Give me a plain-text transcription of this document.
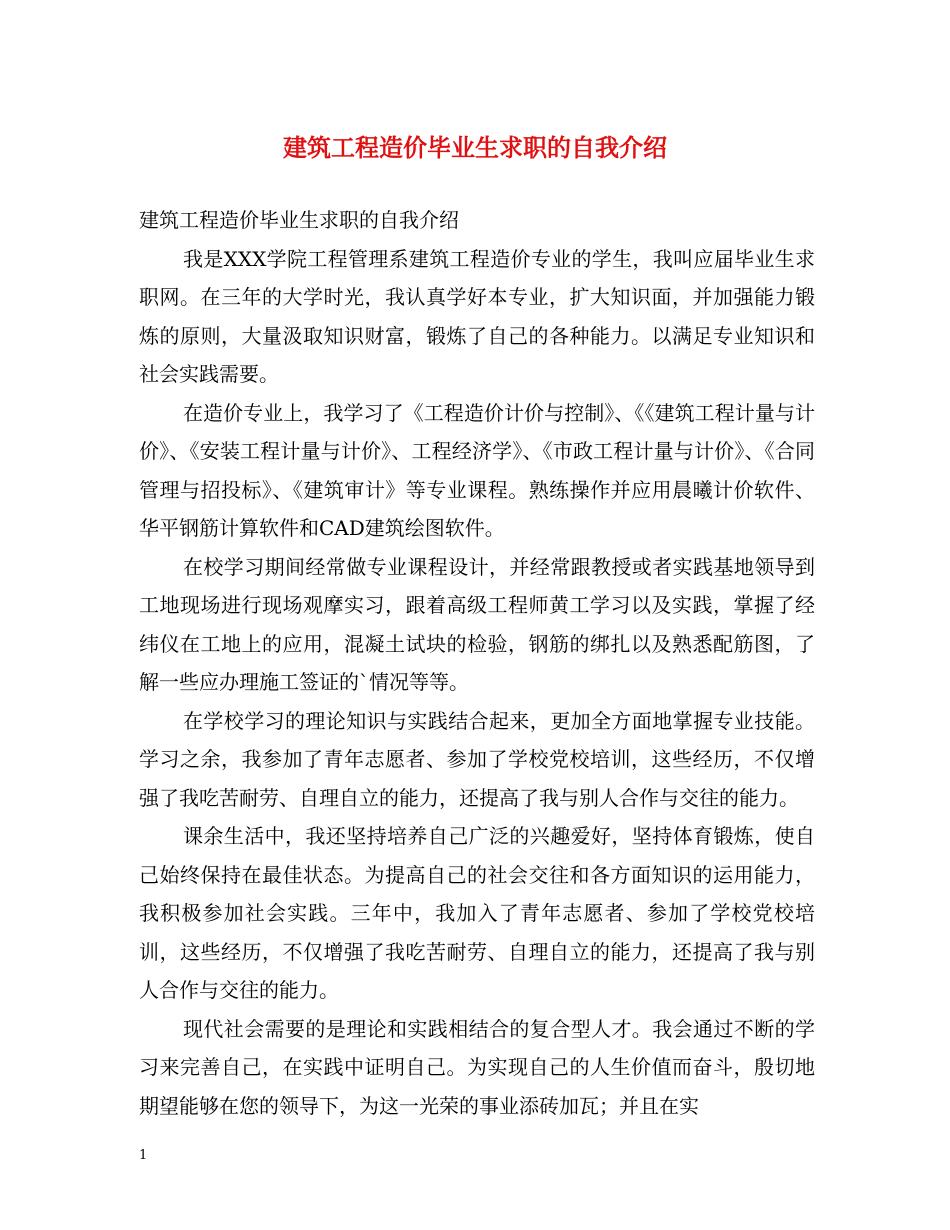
建筑工程造价毕业生求职的自我介绍

建筑工程造价毕业生求职的自我介绍

我是XXX学院工程管理系建筑工程造价专业的学生，我叫应届毕业生求职网。在三年的大学时光，我认真学好本专业，扩大知识面，并加强能力锻炼的原则，大量汲取知识财富，锻炼了自己的各种能力。以满足专业知识和社会实践需要。

在造价专业上，我学习了《工程造价计价与控制》、《《建筑工程计量与计价》、《安装工程计量与计价》、工程经济学》、《市政工程计量与计价》、《合同管理与招投标》、《建筑审计》等专业课程。熟练操作并应用晨曦计价软件、华平钢筋计算软件和CAD建筑绘图软件。

在校学习期间经常做专业课程设计，并经常跟教授或者实践基地领导到工地现场进行现场观摩实习，跟着高级工程师黄工学习以及实践，掌握了经纬仪在工地上的应用，混凝土试块的检验，钢筋的绑扎以及熟悉配筋图，了解一些应办理施工签证的`情况等等。

在学校学习的理论知识与实践结合起来，更加全方面地掌握专业技能。学习之余，我参加了青年志愿者、参加了学校党校培训，这些经历，不仅增强了我吃苦耐劳、自理自立的能力，还提高了我与别人合作与交往的能力。

课余生活中，我还坚持培养自己广泛的兴趣爱好，坚持体育锻炼，使自己始终保持在最佳状态。为提高自己的社会交往和各方面知识的运用能力，我积极参加社会实践。三年中，我加入了青年志愿者、参加了学校党校培训，这些经历，不仅增强了我吃苦耐劳、自理自立的能力，还提高了我与别人合作与交往的能力。

现代社会需要的是理论和实践相结合的复合型人才。我会通过不断的学习来完善自己，在实践中证明自己。为实现自己的人生价值而奋斗，殷切地期望能够在您的领导下，为这一光荣的事业添砖加瓦；并且在实

1
